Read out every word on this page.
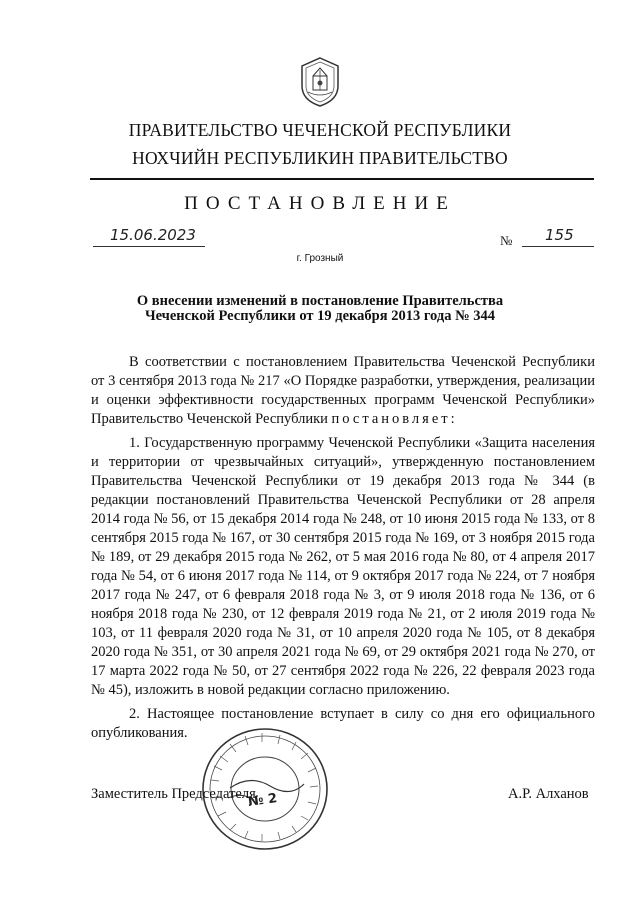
ПРАВИТЕЛЬСТВО ЧЕЧЕНСКОЙ РЕСПУБЛИКИ
НОХЧИЙН РЕСПУБЛИКИН ПРАВИТЕЛЬСТВО
ПОСТАНОВЛЕНИЕ
15.06.2023	№ 155
г. Грозный
О внесении изменений в постановление Правительства
Чеченской Республики от 19 декабря 2013 года № 344

В соответствии с постановлением Правительства Чеченской Республики от 3 сентября 2013 года № 217 «О Порядке разработки, утверждения, реализации и оценки эффективности государственных программ Чеченской Республики» Правительство Чеченской Республики постановляет:

1. Государственную программу Чеченской Республики «Защита населения и территории от чрезвычайных ситуаций», утвержденную постановлением Правительства Чеченской Республики от 19 декабря 2013 года № 344 (в редакции постановлений Правительства Чеченской Республики от 28 апреля 2014 года № 56, от 15 декабря 2014 года № 248, от 10 июня 2015 года № 133, от 8 сентября 2015 года № 167, от 30 сентября 2015 года № 169, от 3 ноября 2015 года № 189, от 29 декабря 2015 года № 262, от 5 мая 2016 года № 80, от 4 апреля 2017 года № 54, от 6 июня 2017 года № 114, от 9 октября 2017 года № 224, от 7 ноября 2017 года № 247, от 6 февраля 2018 года № 3, от 9 июля 2018 года № 136, от 6 ноября 2018 года № 230, от 12 февраля 2019 года № 21, от 2 июля 2019 года № 103, от 11 февраля 2020 года № 31, от 10 апреля 2020 года № 105, от 8 декабря 2020 года № 351, от 30 апреля 2021 года № 69, от 29 октября 2021 года № 270, от 17 марта 2022 года № 50, от 27 сентября 2022 года № 226, 22 февраля 2023 года № 45), изложить в новой редакции согласно приложению.

2. Настоящее постановление вступает в силу со дня его официального опубликования.

№ 2
Заместитель Председателя	А.Р. Алханов
